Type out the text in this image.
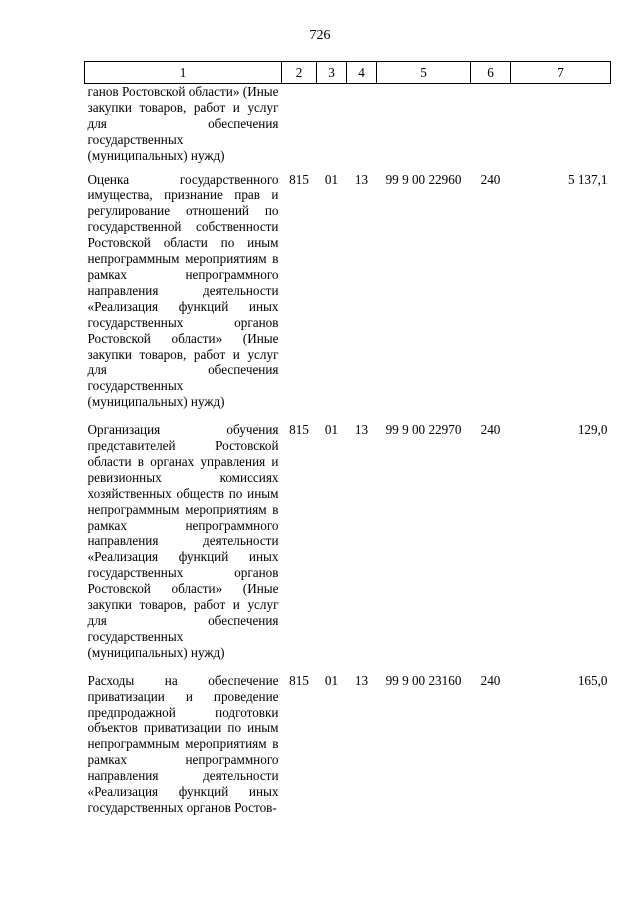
726
1	2	3	4	5	6	7
ганов Ростовской области» (Иные закупки товаров, работ и услуг для обеспечения государственных (муниципальных) нужд)						
Оценка государственного имущества, признание прав и регулирование отношений по государственной собственности Ростовской области по иным непрограммным мероприятиям в рамках непрограммного направления деятельности «Реализация функций иных государственных органов Ростовской области» (Иные закупки товаров, работ и услуг для обеспечения государственных (муниципальных) нужд)	815	01	13	99 9 00 22960	240	5 137,1
Организация обучения представителей Ростовской области в органах управления и ревизионных комиссиях хозяйственных обществ по иным непрограммным мероприятиям в рамках непрограммного направления деятельности «Реализация функций иных государственных органов Ростовской области» (Иные закупки товаров, работ и услуг для обеспечения государственных (муниципальных) нужд)	815	01	13	99 9 00 22970	240	129,0
Расходы на обеспечение приватизации и проведение предпродажной подготовки объектов приватизации по иным непрограммным мероприятиям в рамках непрограммного направления деятельности «Реализация функций иных государственных органов Ростов-	815	01	13	99 9 00 23160	240	165,0
